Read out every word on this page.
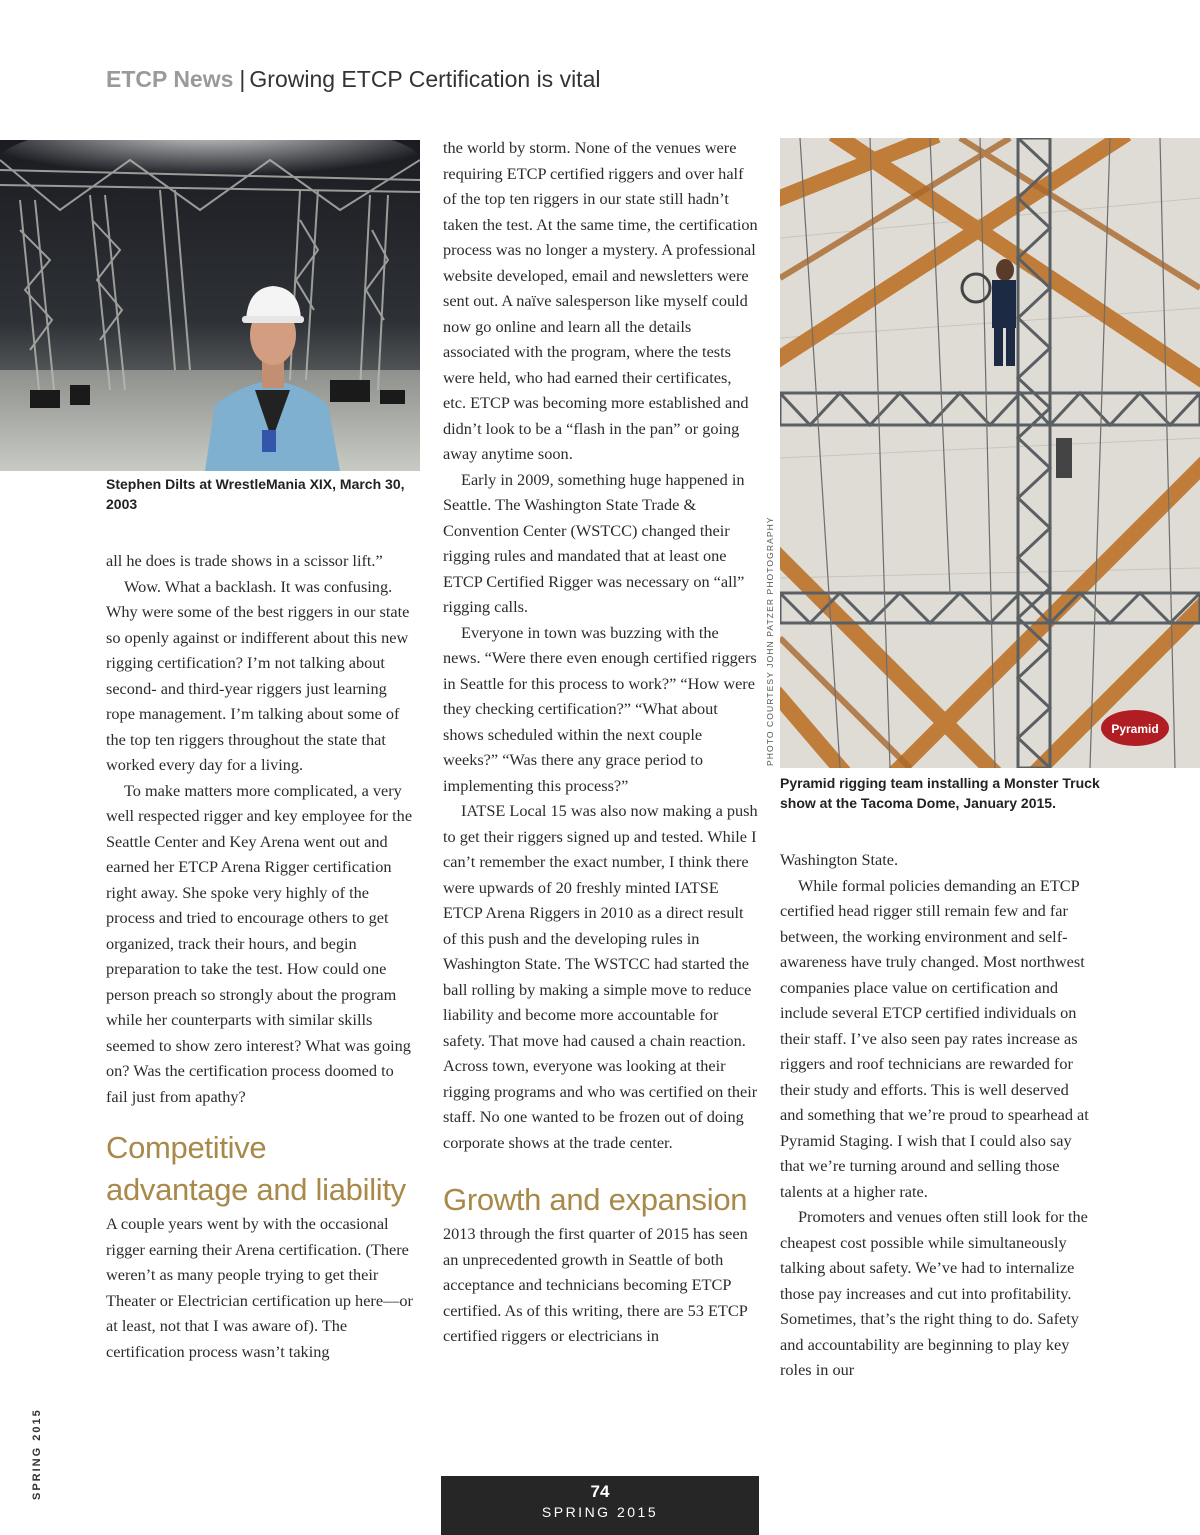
ETCP News | Growing ETCP Certification is vital
Stephen Dilts at WrestleMania XIX, March 30, 2003
Pyramid
PHOTO COURTESY JOHN PATZER PHOTOGRAPHY
Pyramid rigging team installing a Monster Truck show at the Tacoma Dome, January 2015.

all he does is trade shows in a scissor lift.”

Wow. What a backlash. It was confusing. Why were some of the best riggers in our state so openly against or indifferent about this new rigging certification? I’m not talking about second- and third-year riggers just learning rope management. I’m talking about some of the top ten riggers throughout the state that worked every day for a living.

To make matters more complicated, a very well respected rigger and key employee for the Seattle Center and Key Arena went out and earned her ETCP Arena Rigger certification right away. She spoke very highly of the process and tried to encourage others to get organized, track their hours, and begin preparation to take the test. How could one person preach so strongly about the program while her counterparts with similar skills seemed to show zero interest? What was going on? Was the certification process doomed to fail just from apathy?

Competitive
advantage and liability

A couple years went by with the occasional rigger earning their Arena certification. (There weren’t as many people trying to get their Theater or Electrician certification up here—or at least, not that I was aware of). The certification process wasn’t taking

the world by storm. None of the venues were requiring ETCP certified riggers and over half of the top ten riggers in our state still hadn’t taken the test. At the same time, the certification process was no longer a mystery. A professional website developed, email and newsletters were sent out. A naïve salesperson like myself could now go online and learn all the details associated with the program, where the tests were held, who had earned their certificates, etc. ETCP was becoming more established and didn’t look to be a “flash in the pan” or going away anytime soon.

Early in 2009, something huge happened in Seattle. The Washington State Trade & Convention Center (WSTCC) changed their rigging rules and mandated that at least one ETCP Certified Rigger was necessary on “all” rigging calls.

Everyone in town was buzzing with the news. “Were there even enough certified riggers in Seattle for this process to work?” “How were they checking certification?” “What about shows scheduled within the next couple weeks?” “Was there any grace period to implementing this process?”

IATSE Local 15 was also now making a push to get their riggers signed up and tested. While I can’t remember the exact number, I think there were upwards of 20 freshly minted IATSE ETCP Arena Riggers in 2010 as a direct result of this push and the developing rules in Washington State. The WSTCC had started the ball rolling by making a simple move to reduce liability and become more accountable for safety. That move had caused a chain reaction. Across town, everyone was looking at their rigging programs and who was certified on their staff. No one wanted to be frozen out of doing corporate shows at the trade center.

Growth and expansion

2013 through the first quarter of 2015 has seen an unprecedented growth in Seattle of both acceptance and technicians becoming ETCP certified. As of this writing, there are 53 ETCP certified riggers or electricians in

Washington State.

While formal policies demanding an ETCP certified head rigger still remain few and far between, the working environment and self-awareness have truly changed. Most northwest companies place value on certification and include several ETCP certified individuals on their staff. I’ve also seen pay rates increase as riggers and roof technicians are rewarded for their study and efforts. This is well deserved and something that we’re proud to spearhead at Pyramid Staging. I wish that I could also say that we’re turning around and selling those talents at a higher rate.

Promoters and venues often still look for the cheapest cost possible while simultaneously talking about safety. We’ve had to internalize those pay increases and cut into profitability. Sometimes, that’s the right thing to do. Safety and accountability are beginning to play key roles in our

SPRING 2015	74
SPRING 2015
